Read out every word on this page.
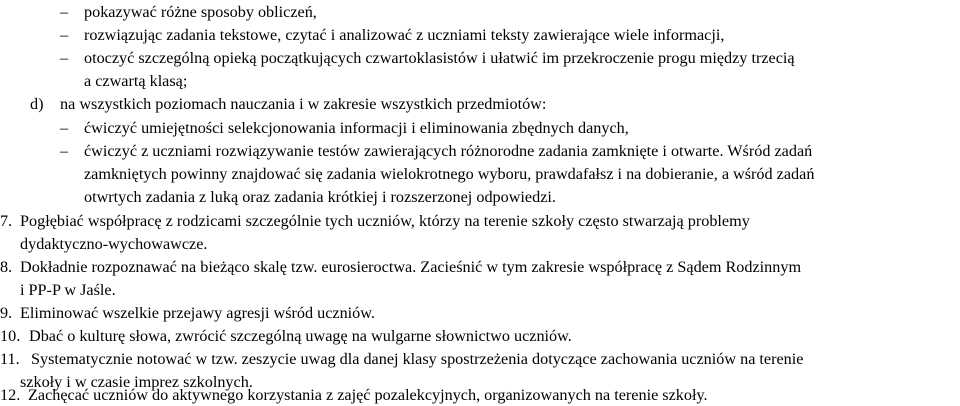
– pokazywać różne sposoby obliczeń,
– rozwiązując zadania tekstowe, czytać i analizować z uczniami teksty zawierające wiele informacji,
– otoczyć szczególną opieką początkujących czwartoklasistów i ułatwić im przekroczenie progu między trzecią
a czwartą klasą;
d) na wszystkich poziomach nauczania i w zakresie wszystkich przedmiotów:
– ćwiczyć umiejętności selekcjonowania informacji i eliminowania zbędnych danych,
– ćwiczyć z uczniami rozwiązywanie testów zawierających różnorodne zadania zamknięte i otwarte. Wśród zadań
zamkniętych powinny znajdować się zadania wielokrotnego wyboru, prawdafałsz i na dobieranie, a wśród zadań
otwrtych zadania z luką oraz zadania krótkiej i rozszerzonej odpowiedzi.
7. Pogłębiać współpracę z rodzicami szczególnie tych uczniów, którzy na terenie szkoły często stwarzają problemy
dydaktyczno-wychowawcze.
8. Dokładnie rozpoznawać na bieżąco skalę tzw. eurosieroctwa. Zacieśnić w tym zakresie współpracę z Sądem Rodzinnym
i PP-P w Jaśle.
9. Eliminować wszelkie przejawy agresji wśród uczniów.
10. Dbać o kulturę słowa, zwrócić szczególną uwagę na wulgarne słownictwo uczniów.
11. Systematycznie notować w tzw. zeszycie uwag dla danej klasy spostrzeżenia dotyczące zachowania uczniów na terenie
szkoły i w czasie imprez szkolnych.
12. Zachęcać uczniów do aktywnego korzystania z zajęć pozalekcyjnych, organizowanych na terenie szkoły.
